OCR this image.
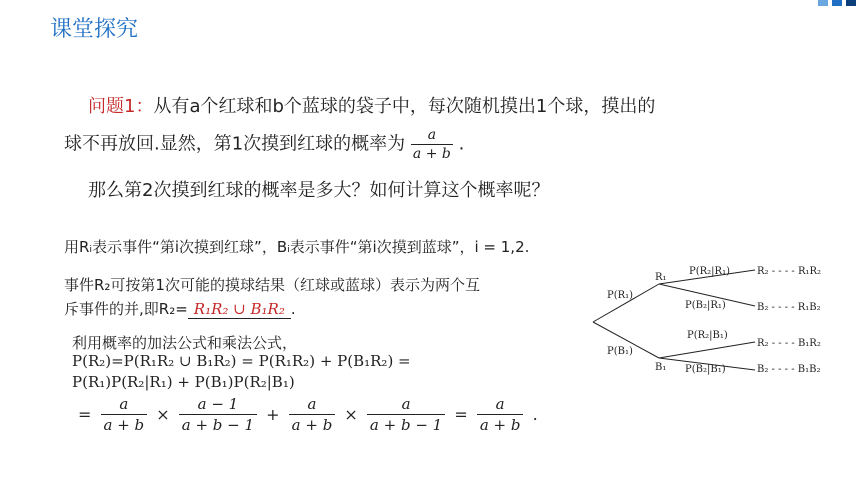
课堂探究
问题1：从有a个红球和b个蓝球的袋子中，每次随机摸出1个球，摸出的
球不再放回.显然，第1次摸到红球的概率为 $\frac{a}{a + b}$ .
那么第2次摸到红球的概率是多大？如何计算这个概率呢？
用Rᵢ表示事件“第i次摸到红球”，Bᵢ表示事件“第i次摸到蓝球”，i = 1,2.
事件R₂可按第1次可能的摸球结果（红球或蓝球）表示为两个互
斥事件的并,即R₂= R₁R₂ ∪ B₁R₂ .
利用概率的加法公式和乘法公式，
P(R₂)=P(R₁R₂ ∪ B₁R₂) = P(R₁R₂) + P(B₁R₂) =
P(R₁)P(R₂|R₁) + P(B₁)P(R₂|B₁)
= $\frac{a}{a + b} \times \frac{a - 1}{a + b - 1} + \frac{a}{a + b} \times \frac{a}{a + b - 1} = \frac{a}{a + b}$ .
P(R₁)
P(B₁)
R₁
B₁
P(R₂|R₁)
P(B₂|R₁)
P(R₂|B₁)
P(B₂|B₁)
R₂ - - - - R₁R₂
B₂ - - - - R₁B₂
R₂ - - - - B₁R₂
B₂ - - - - B₁B₂
